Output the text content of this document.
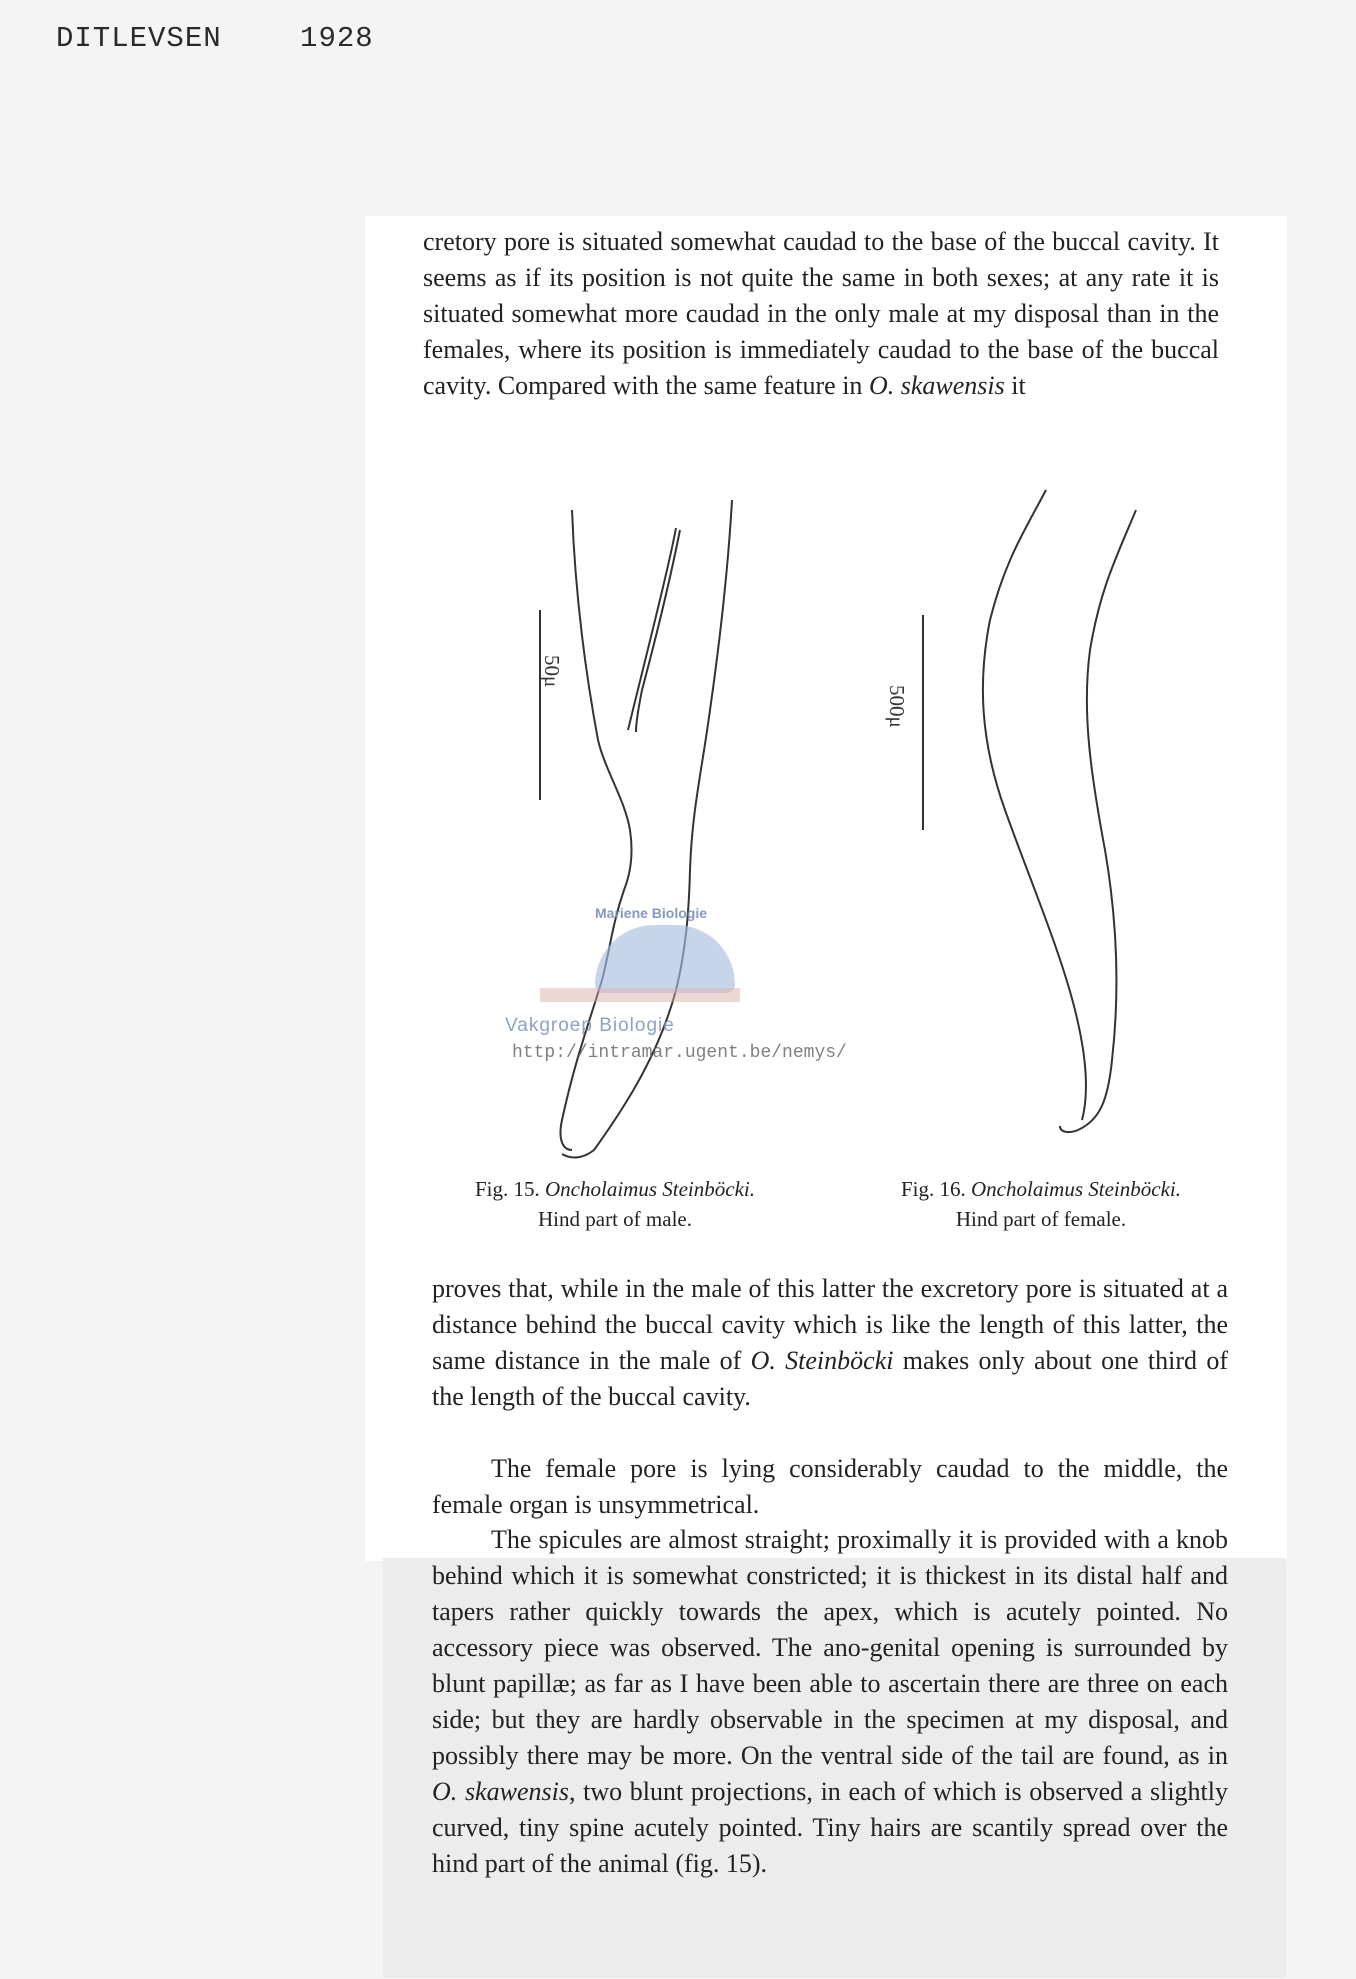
DITLEVSEN	1928

cretory pore is situated somewhat caudad to the base of the buccal cavity. It seems as if its position is not quite the same in both sexes; at any rate it is situated somewhat more caudad in the only male at my disposal than in the females, where its position is immediately caudad to the base of the buccal cavity. Compared with the same feature in O. skawensis it

50μ
500μ
Mariene Biologie
Vakgroep Biologie
http://intramar.ugent.be/nemys/
Fig. 15. Oncholaimus Steinböcki.
Hind part of male.
Fig. 16. Oncholaimus Steinböcki.
Hind part of female.

proves that, while in the male of this latter the excretory pore is situated at a distance behind the buccal cavity which is like the length of this latter, the same distance in the male of O. Steinböcki makes only about one third of the length of the buccal cavity.

The female pore is lying considerably caudad to the middle, the female organ is unsymmetrical.

The spicules are almost straight; proximally it is provided with a knob behind which it is somewhat constricted; it is thickest in its distal half and tapers rather quickly towards the apex, which is acutely pointed. No accessory piece was observed. The ano-genital opening is surrounded by blunt papillæ; as far as I have been able to ascertain there are three on each side; but they are hardly observable in the specimen at my disposal, and possibly there may be more. On the ventral side of the tail are found, as in O. skawensis, two blunt projections, in each of which is observed a slightly curved, tiny spine acutely pointed. Tiny hairs are scantily spread over the hind part of the animal (fig. 15).
